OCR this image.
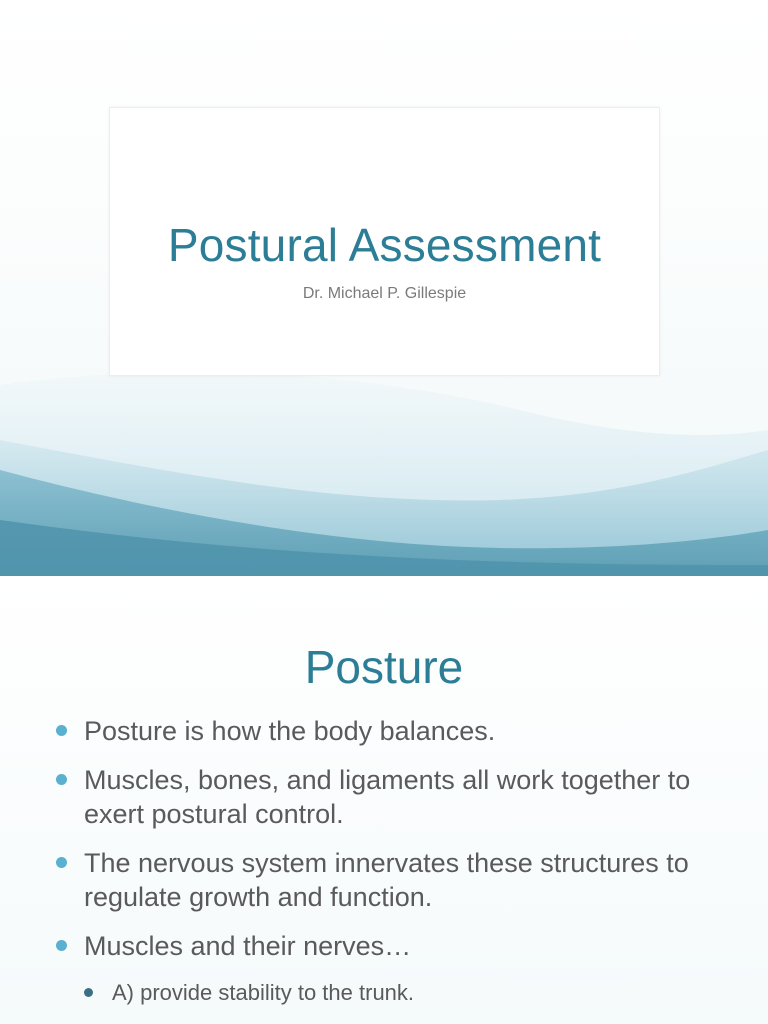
Postural Assessment
Dr. Michael P. Gillespie
Posture
Posture is how the body balances.
Muscles, bones, and ligaments all work together to exert postural control.
The nervous system innervates these structures to regulate growth and function.
Muscles and their nerves…
A) provide stability to the trunk.
